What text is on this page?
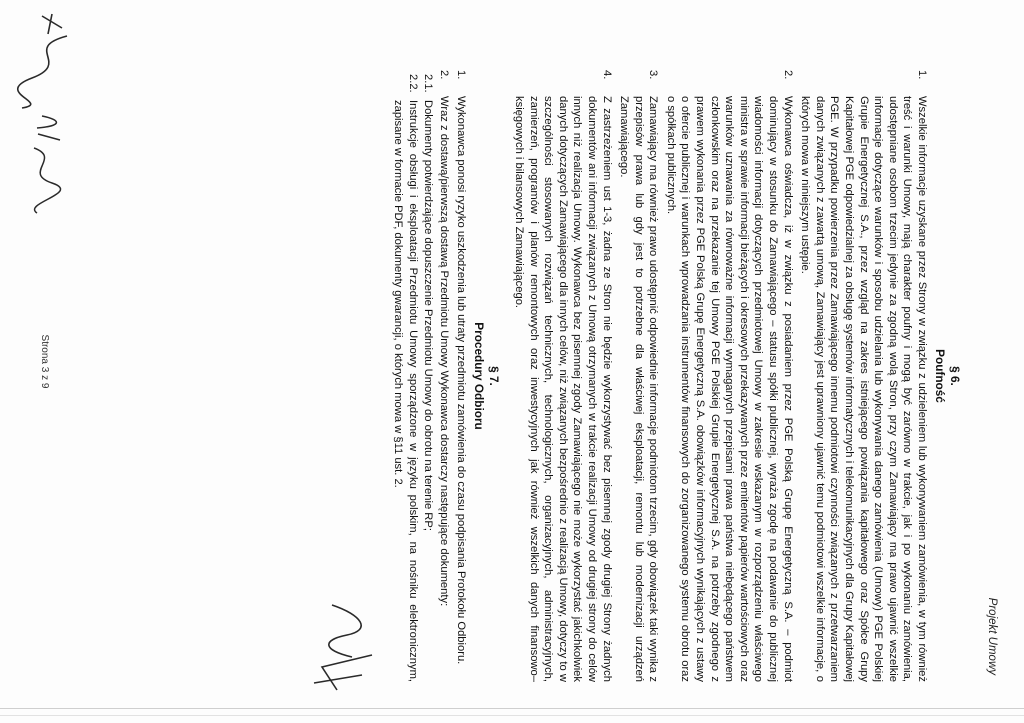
Projekt Umowy
§ 6.
Poufność
1.
Wszelkie informacje uzyskane przez Strony w związku z udzieleniem lub wykonywaniem zamówienia, w tym również treść i warunki Umowy, mają charakter poufny i mogą być zarówno w trakcie, jak i po wykonaniu zamówienia, udostępniane osobom trzecim jedynie za zgodną wolą Stron, przy czym Zamawiający ma prawo ujawnić wszelkie informacje dotyczące warunków i sposobu udzielania lub wykonywania danego zamówienia (Umowy) PGE Polskiej Grupie Energetycznej S.A., przez wzgląd na zakres istniejącego powiązania kapitałowego oraz Spółce Grupy Kapitałowej PGE odpowiedzialnej za obsługę systemów informatycznych i telekomunikacyjnych dla Grupy Kapitałowej PGE. W przypadku powierzenia przez Zamawiającego innemu podmiotowi czynności związanych z przetwarzaniem danych związanych z zawartą umową, Zamawiający jest uprawniony ujawnić temu podmiotowi wszelkie informacje, o których mowa w niniejszym ustępie.
2.
Wykonawca oświadcza, iż w związku z posiadaniem przez PGE Polską Grupę Energetyczną S.A. – podmiot dominujący w stosunku do Zamawiającego – statusu spółki publicznej, wyraża zgodę na podawanie do publicznej wiadomości informacji dotyczących przedmiotowej Umowy w zakresie wskazanym w rozporządzeniu właściwego ministra w sprawie informacji bieżących i okresowych przekazywanych przez emitentów papierów wartościowych oraz warunków uznawania za równoważne informacji wymaganych przepisami prawa państwa niebędącego państwem członkowskim oraz na przekazanie tej Umowy PGE Polskiej Grupie Energetycznej S.A. na potrzeby zgodnego z prawem wykonania przez PGE Polską Grupę Energetyczną S.A. obowiązków informacyjnych wynikających z ustawy o ofercie publicznej i warunkach wprowadzania instrumentów finansowych do zorganizowanego systemu obrotu oraz o spółkach publicznych.
3.
Zamawiający ma również prawo udostępnić odpowiednie informacje podmiotom trzecim, gdy obowiązek taki wynika z przepisów prawa lub gdy jest to potrzebne dla właściwej eksploatacji, remontu lub modernizacji urządzeń Zamawiającego.
4.
Z zastrzeżeniem ust 1-3, żadna ze Stron nie będzie wykorzystywać bez pisemnej zgody drugiej Strony żadnych dokumentów ani informacji związanych z Umową otrzymanych w trakcie realizacji Umowy od drugiej strony do celów innych niż realizacja Umowy. Wykonawca bez pisemnej zgody Zamawiającego nie może wykorzystać jakichkolwiek danych dotyczących Zamawiającego dla innych celów, niż związanych bezpośrednio z realizacją Umowy, dotyczy to w szczególności stosowanych rozwiązań technicznych, technologicznych, organizacyjnych, administracyjnych, zamierzeń, programów i planów remontowych oraz inwestycyjnych jak również wszelkich danych finansowo–księgowych i bilansowych Zamawiającego.
§ 7.
Procedury Odbioru
1.
Wykonawca ponosi ryzyko uszkodzenia lub utraty przedmiotu zamówienia do czasu podpisania Protokołu Odbioru.
2.
Wraz z dostawą/pierwszą dostawą Przedmiotu Umowy Wykonawca dostarczy następujące dokumenty:
2.1.
Dokumenty potwierdzające dopuszczenie Przedmiotu Umowy do obrotu na terenie RP;
2.2.
Instrukcje obsługi i eksploatacji Przedmiotu Umowy sporządzone w języku polskim, na nośniku elektronicznym, zapisane w formacie PDF, dokumenty gwarancji, o których mowa w §11 ust. 2.
Strona 3 z 9
